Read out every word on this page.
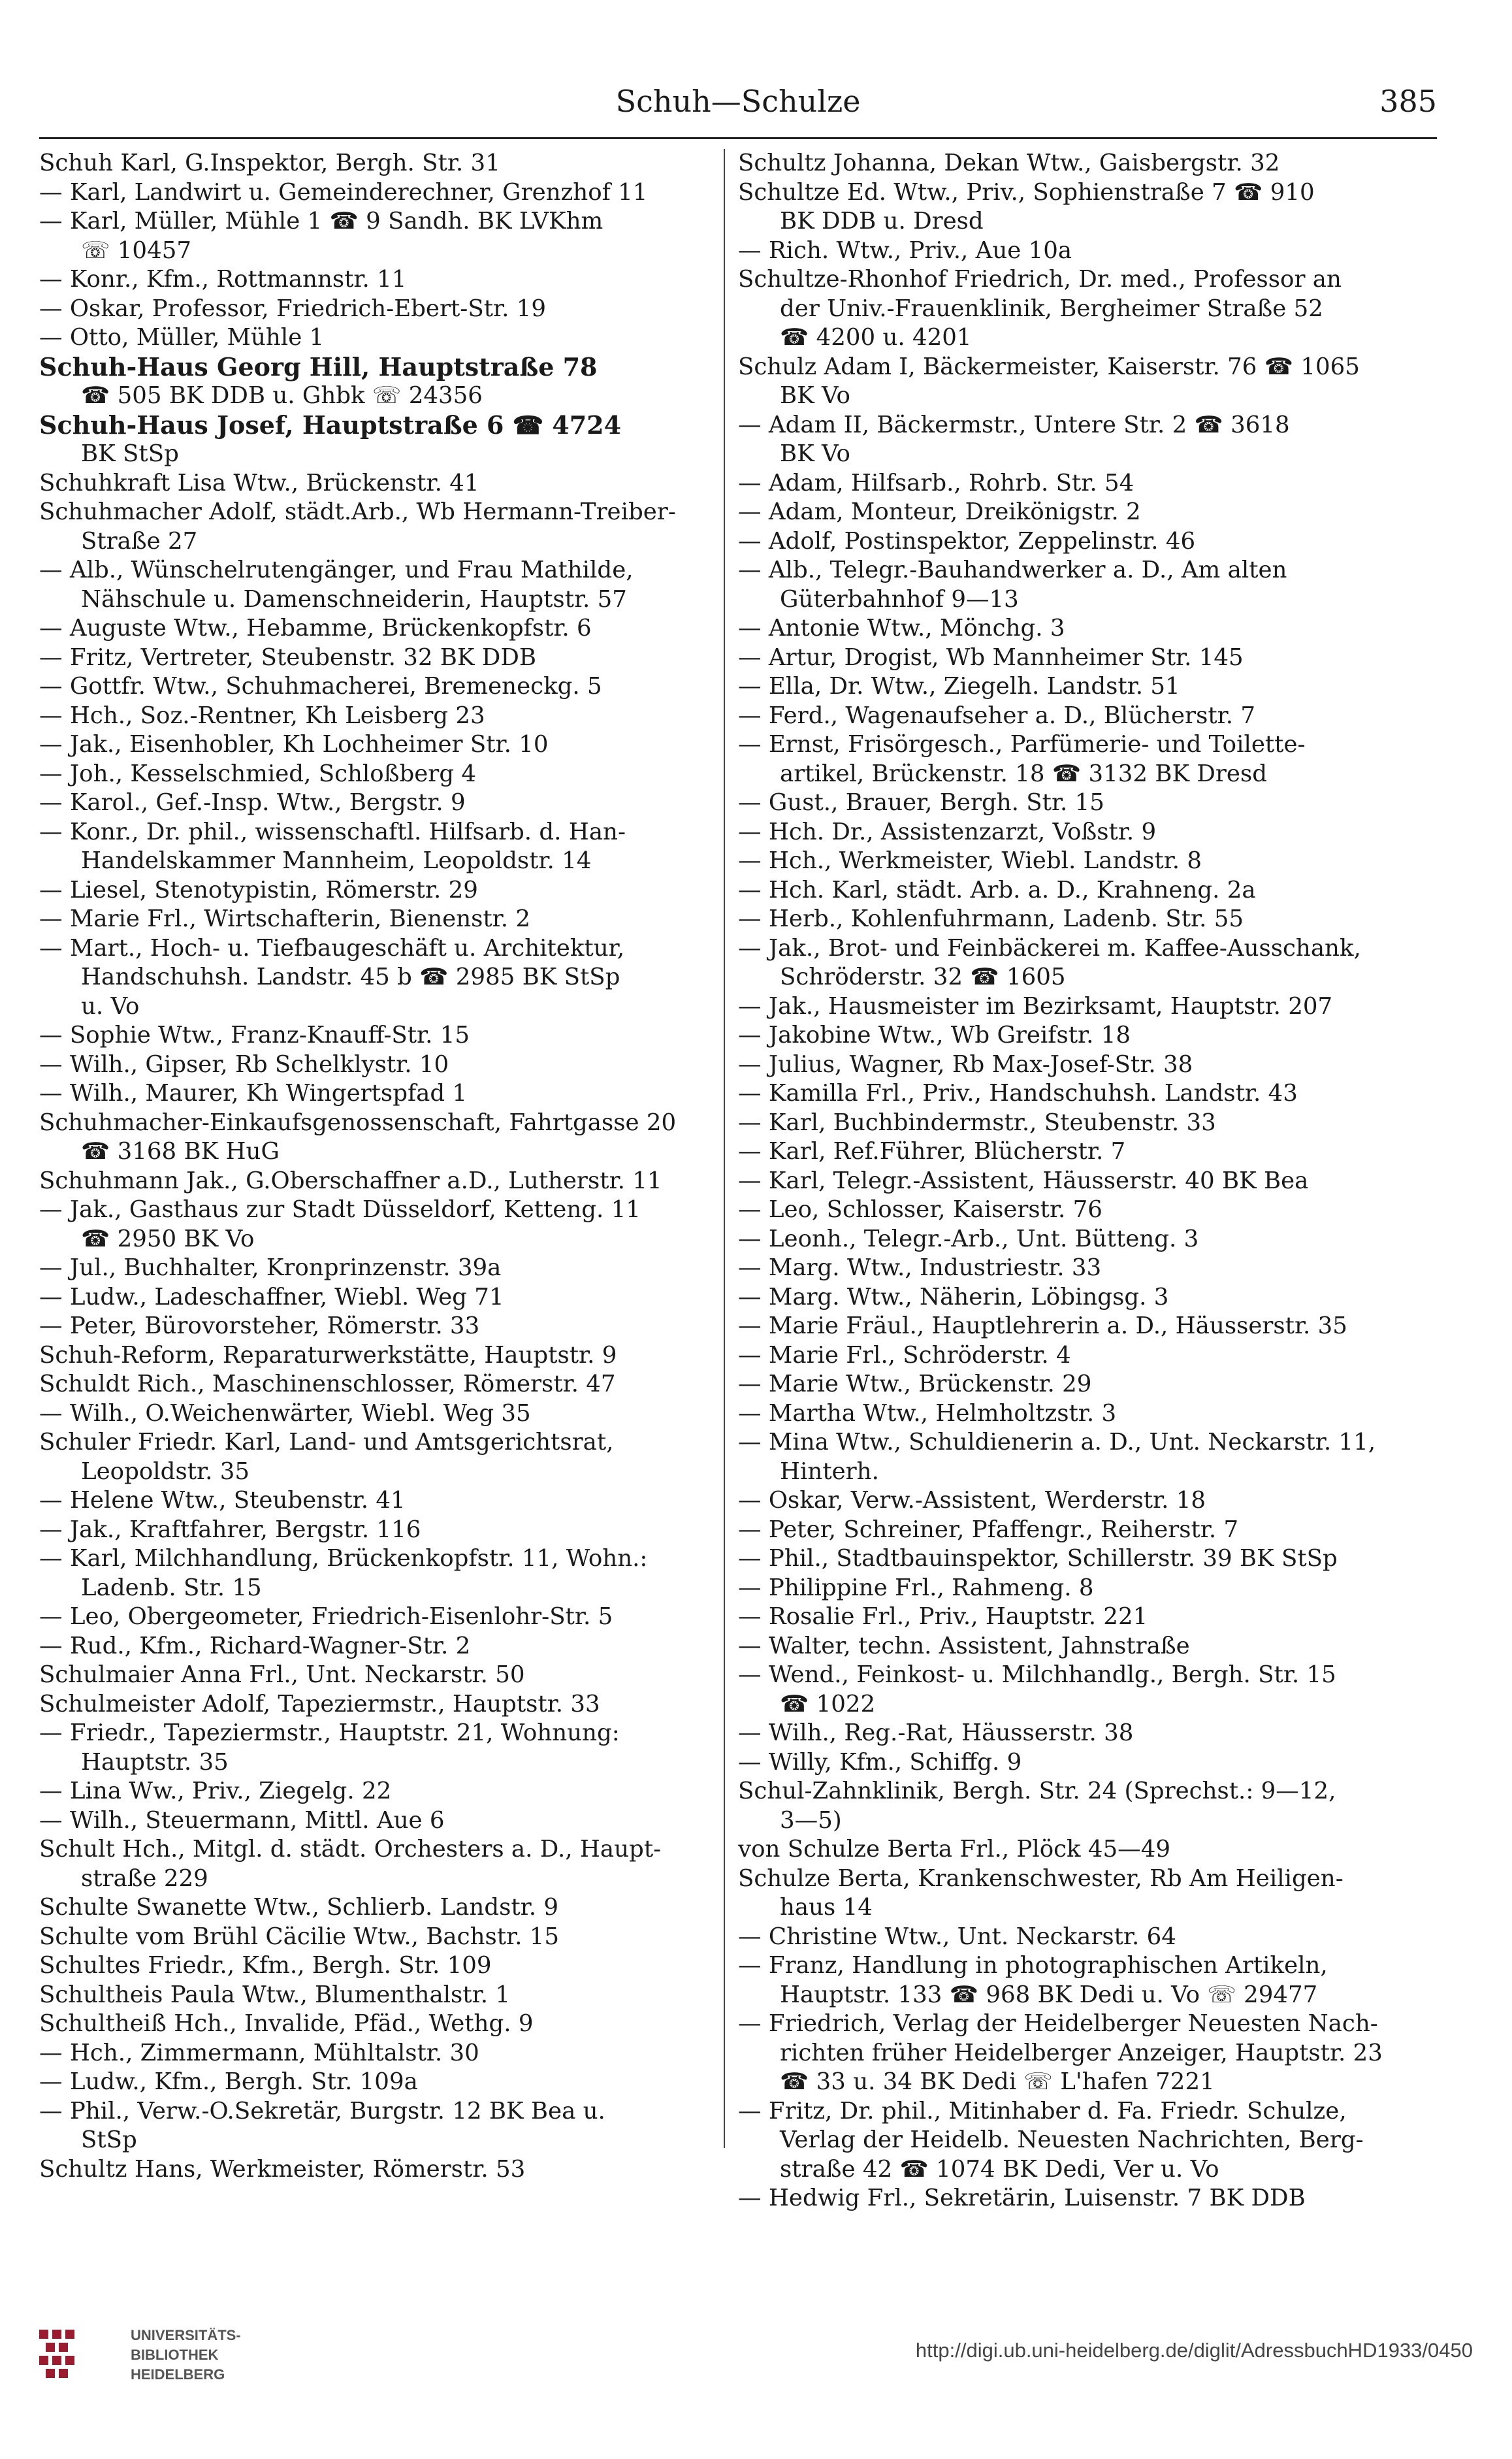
Schuh—Schulze	385
Schuh Karl, G.Inspektor, Bergh. Str. 31
— Karl, Landwirt u. Gemeinderechner, Grenzhof 11
— Karl, Müller, Mühle 1 ☎ 9 Sandh. BK LVKhm
☏ 10457
— Konr., Kfm., Rottmannstr. 11
— Oskar, Professor, Friedrich-Ebert-Str. 19
— Otto, Müller, Mühle 1
Schuh-Haus Georg Hill, Hauptstraße 78
☎ 505 BK DDB u. Ghbk ☏ 24356
Schuh-Haus Josef, Hauptstraße 6 ☎ 4724
BK StSp
Schuhkraft Lisa Wtw., Brückenstr. 41
Schuhmacher Adolf, städt.Arb., Wb Hermann-Treiber-
Straße 27
— Alb., Wünschelrutengänger, und Frau Mathilde,
Nähschule u. Damenschneiderin, Hauptstr. 57
— Auguste Wtw., Hebamme, Brückenkopfstr. 6
— Fritz, Vertreter, Steubenstr. 32 BK DDB
— Gottfr. Wtw., Schuhmacherei, Bremeneckg. 5
— Hch., Soz.-Rentner, Kh Leisberg 23
— Jak., Eisenhobler, Kh Lochheimer Str. 10
— Joh., Kesselschmied, Schloßberg 4
— Karol., Gef.-Insp. Wtw., Bergstr. 9
— Konr., Dr. phil., wissenschaftl. Hilfsarb. d. Han-
Handelskammer Mannheim, Leopoldstr. 14
— Liesel, Stenotypistin, Römerstr. 29
— Marie Frl., Wirtschafterin, Bienenstr. 2
— Mart., Hoch- u. Tiefbaugeschäft u. Architektur,
Handschuhsh. Landstr. 45 b ☎ 2985 BK StSp
u. Vo
— Sophie Wtw., Franz-Knauff-Str. 15
— Wilh., Gipser, Rb Schelklystr. 10
— Wilh., Maurer, Kh Wingertspfad 1
Schuhmacher-Einkaufsgenossenschaft, Fahrtgasse 20
☎ 3168 BK HuG
Schuhmann Jak., G.Oberschaffner a.D., Lutherstr. 11
— Jak., Gasthaus zur Stadt Düsseldorf, Ketteng. 11
☎ 2950 BK Vo
— Jul., Buchhalter, Kronprinzenstr. 39a
— Ludw., Ladeschaffner, Wiebl. Weg 71
— Peter, Bürovorsteher, Römerstr. 33
Schuh-Reform, Reparaturwerkstätte, Hauptstr. 9
Schuldt Rich., Maschinenschlosser, Römerstr. 47
— Wilh., O.Weichenwärter, Wiebl. Weg 35
Schuler Friedr. Karl, Land- und Amtsgerichtsrat,
Leopoldstr. 35
— Helene Wtw., Steubenstr. 41
— Jak., Kraftfahrer, Bergstr. 116
— Karl, Milchhandlung, Brückenkopfstr. 11, Wohn.:
Ladenb. Str. 15
— Leo, Obergeometer, Friedrich-Eisenlohr-Str. 5
— Rud., Kfm., Richard-Wagner-Str. 2
Schulmaier Anna Frl., Unt. Neckarstr. 50
Schulmeister Adolf, Tapeziermstr., Hauptstr. 33
— Friedr., Tapeziermstr., Hauptstr. 21, Wohnung:
Hauptstr. 35
— Lina Ww., Priv., Ziegelg. 22
— Wilh., Steuermann, Mittl. Aue 6
Schult Hch., Mitgl. d. städt. Orchesters a. D., Haupt-
straße 229
Schulte Swanette Wtw., Schlierb. Landstr. 9
Schulte vom Brühl Cäcilie Wtw., Bachstr. 15
Schultes Friedr., Kfm., Bergh. Str. 109
Schultheis Paula Wtw., Blumenthalstr. 1
Schultheiß Hch., Invalide, Pfäd., Wethg. 9
— Hch., Zimmermann, Mühltalstr. 30
— Ludw., Kfm., Bergh. Str. 109a
— Phil., Verw.-O.Sekretär, Burgstr. 12 BK Bea u.
StSp
Schultz Hans, Werkmeister, Römerstr. 53
Schultz Johanna, Dekan Wtw., Gaisbergstr. 32
Schultze Ed. Wtw., Priv., Sophienstraße 7 ☎ 910
BK DDB u. Dresd
— Rich. Wtw., Priv., Aue 10a
Schultze-Rhonhof Friedrich, Dr. med., Professor an
der Univ.-Frauenklinik, Bergheimer Straße 52
☎ 4200 u. 4201
Schulz Adam I, Bäckermeister, Kaiserstr. 76 ☎ 1065
BK Vo
— Adam II, Bäckermstr., Untere Str. 2 ☎ 3618
BK Vo
— Adam, Hilfsarb., Rohrb. Str. 54
— Adam, Monteur, Dreikönigstr. 2
— Adolf, Postinspektor, Zeppelinstr. 46
— Alb., Telegr.-Bauhandwerker a. D., Am alten
Güterbahnhof 9—13
— Antonie Wtw., Mönchg. 3
— Artur, Drogist, Wb Mannheimer Str. 145
— Ella, Dr. Wtw., Ziegelh. Landstr. 51
— Ferd., Wagenaufseher a. D., Blücherstr. 7
— Ernst, Frisörgesch., Parfümerie- und Toilette-
artikel, Brückenstr. 18 ☎ 3132 BK Dresd
— Gust., Brauer, Bergh. Str. 15
— Hch. Dr., Assistenzarzt, Voßstr. 9
— Hch., Werkmeister, Wiebl. Landstr. 8
— Hch. Karl, städt. Arb. a. D., Krahneng. 2a
— Herb., Kohlenfuhrmann, Ladenb. Str. 55
— Jak., Brot- und Feinbäckerei m. Kaffee-Ausschank,
Schröderstr. 32 ☎ 1605
— Jak., Hausmeister im Bezirksamt, Hauptstr. 207
— Jakobine Wtw., Wb Greifstr. 18
— Julius, Wagner, Rb Max-Josef-Str. 38
— Kamilla Frl., Priv., Handschuhsh. Landstr. 43
— Karl, Buchbindermstr., Steubenstr. 33
— Karl, Ref.Führer, Blücherstr. 7
— Karl, Telegr.-Assistent, Häusserstr. 40 BK Bea
— Leo, Schlosser, Kaiserstr. 76
— Leonh., Telegr.-Arb., Unt. Bütteng. 3
— Marg. Wtw., Industriestr. 33
— Marg. Wtw., Näherin, Löbingsg. 3
— Marie Fräul., Hauptlehrerin a. D., Häusserstr. 35
— Marie Frl., Schröderstr. 4
— Marie Wtw., Brückenstr. 29
— Martha Wtw., Helmholtzstr. 3
— Mina Wtw., Schuldienerin a. D., Unt. Neckarstr. 11,
Hinterh.
— Oskar, Verw.-Assistent, Werderstr. 18
— Peter, Schreiner, Pfaffengr., Reiherstr. 7
— Phil., Stadtbauinspektor, Schillerstr. 39 BK StSp
— Philippine Frl., Rahmeng. 8
— Rosalie Frl., Priv., Hauptstr. 221
— Walter, techn. Assistent, Jahnstraße
— Wend., Feinkost- u. Milchhandlg., Bergh. Str. 15
☎ 1022
— Wilh., Reg.-Rat, Häusserstr. 38
— Willy, Kfm., Schiffg. 9
Schul-Zahnklinik, Bergh. Str. 24 (Sprechst.: 9—12,
3—5)
von Schulze Berta Frl., Plöck 45—49
Schulze Berta, Krankenschwester, Rb Am Heiligen-
haus 14
— Christine Wtw., Unt. Neckarstr. 64
— Franz, Handlung in photographischen Artikeln,
Hauptstr. 133 ☎ 968 BK Dedi u. Vo ☏ 29477
— Friedrich, Verlag der Heidelberger Neuesten Nach-
richten früher Heidelberger Anzeiger, Hauptstr. 23
☎ 33 u. 34 BK Dedi ☏ L'hafen 7221
— Fritz, Dr. phil., Mitinhaber d. Fa. Friedr. Schulze,
Verlag der Heidelb. Neuesten Nachrichten, Berg-
straße 42 ☎ 1074 BK Dedi, Ver u. Vo
— Hedwig Frl., Sekretärin, Luisenstr. 7 BK DDB
UNIVERSITÄTS-
BIBLIOTHEK
HEIDELBERG
http://digi.ub.uni-heidelberg.de/diglit/AdressbuchHD1933/0450
